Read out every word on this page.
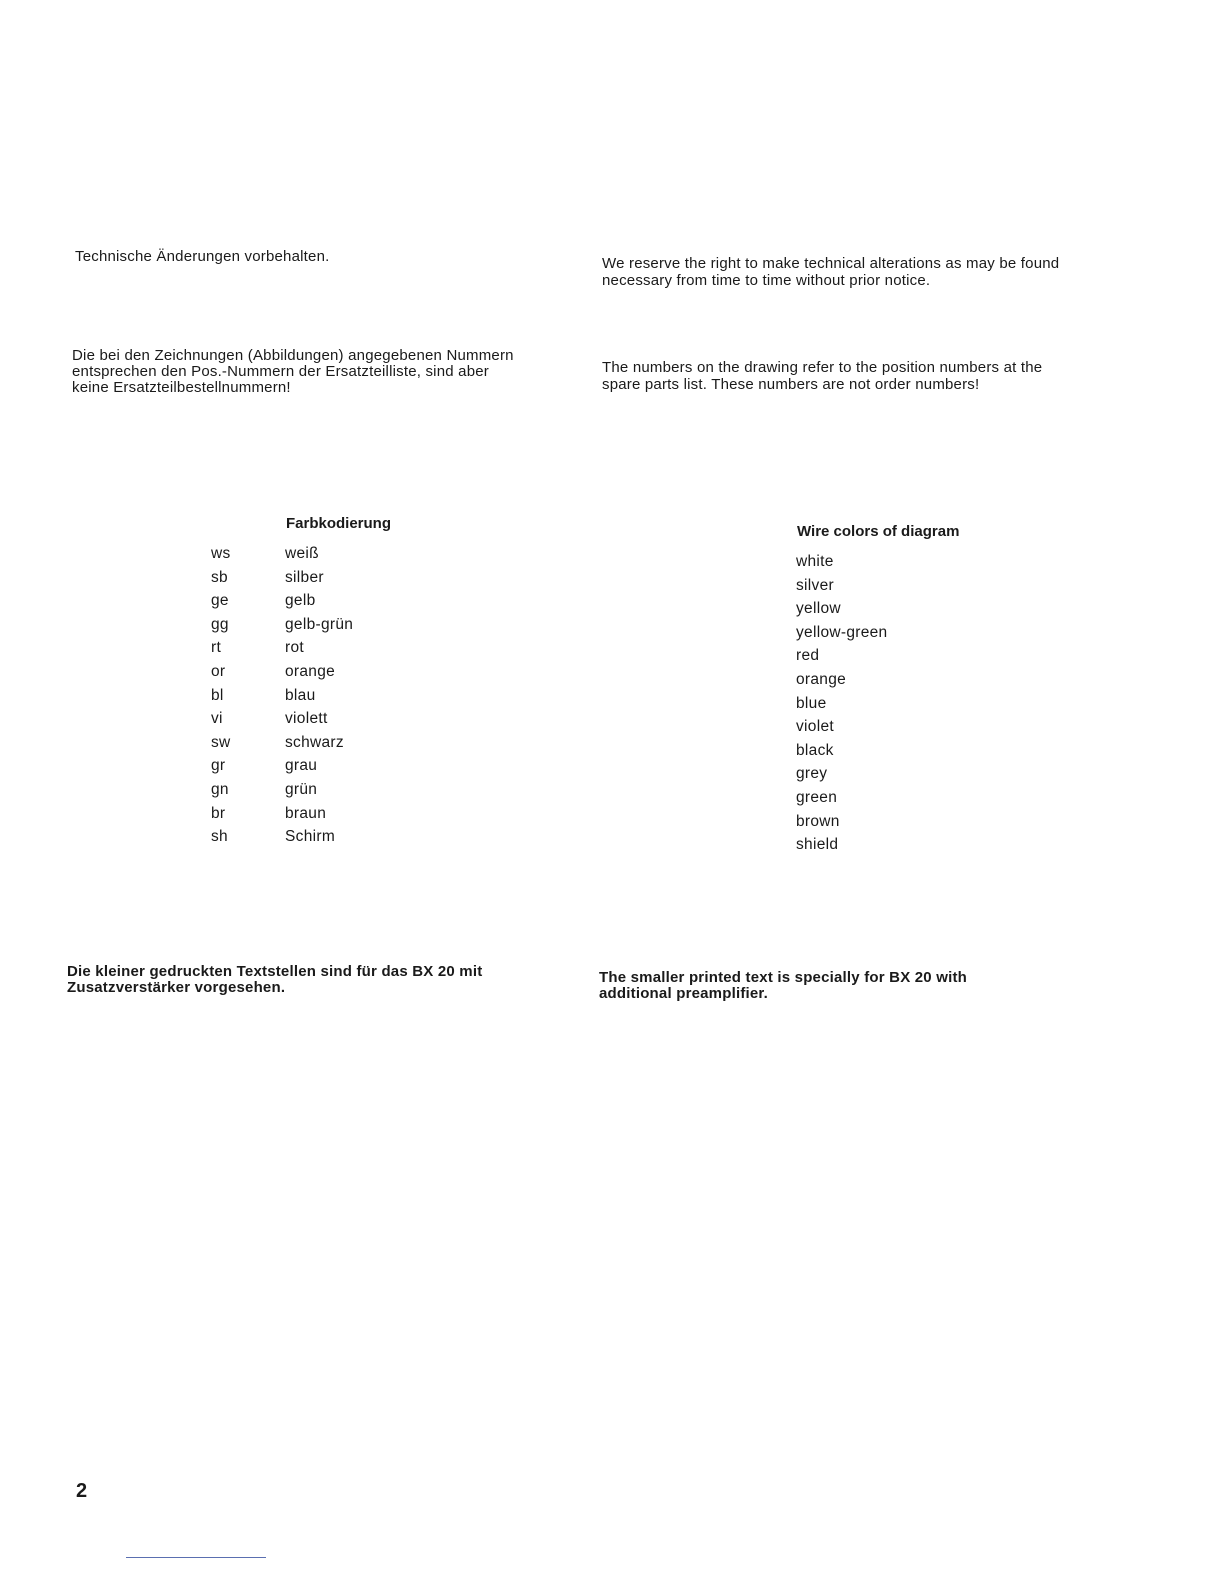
Technische Änderungen vorbehalten.	We reserve the right to make technical alterations as may be found
necessary from time to time without prior notice.
Die bei den Zeichnungen (Abbildungen) angegebenen Nummern
entsprechen den Pos.-Nummern der Ersatzteilliste, sind aber
keine Ersatzteilbestellnummern!
The numbers on the drawing refer to the position numbers at the
spare parts list. These numbers are not order numbers!
Farbkodierung
ws
sb
ge
gg
rt
or
bl
vi
sw
gr
gn
br
sh
weiß
silber
gelb
gelb-grün
rot
orange
blau
violett
schwarz
grau
grün
braun
Schirm
Wire colors of diagram
white
silver
yellow
yellow-green
red
orange
blue
violet
black
grey
green
brown
shield
Die kleiner gedruckten Textstellen sind für das BX 20 mit
Zusatzverstärker vorgesehen.
The smaller printed text is specially for BX 20 with
additional preamplifier.
2
